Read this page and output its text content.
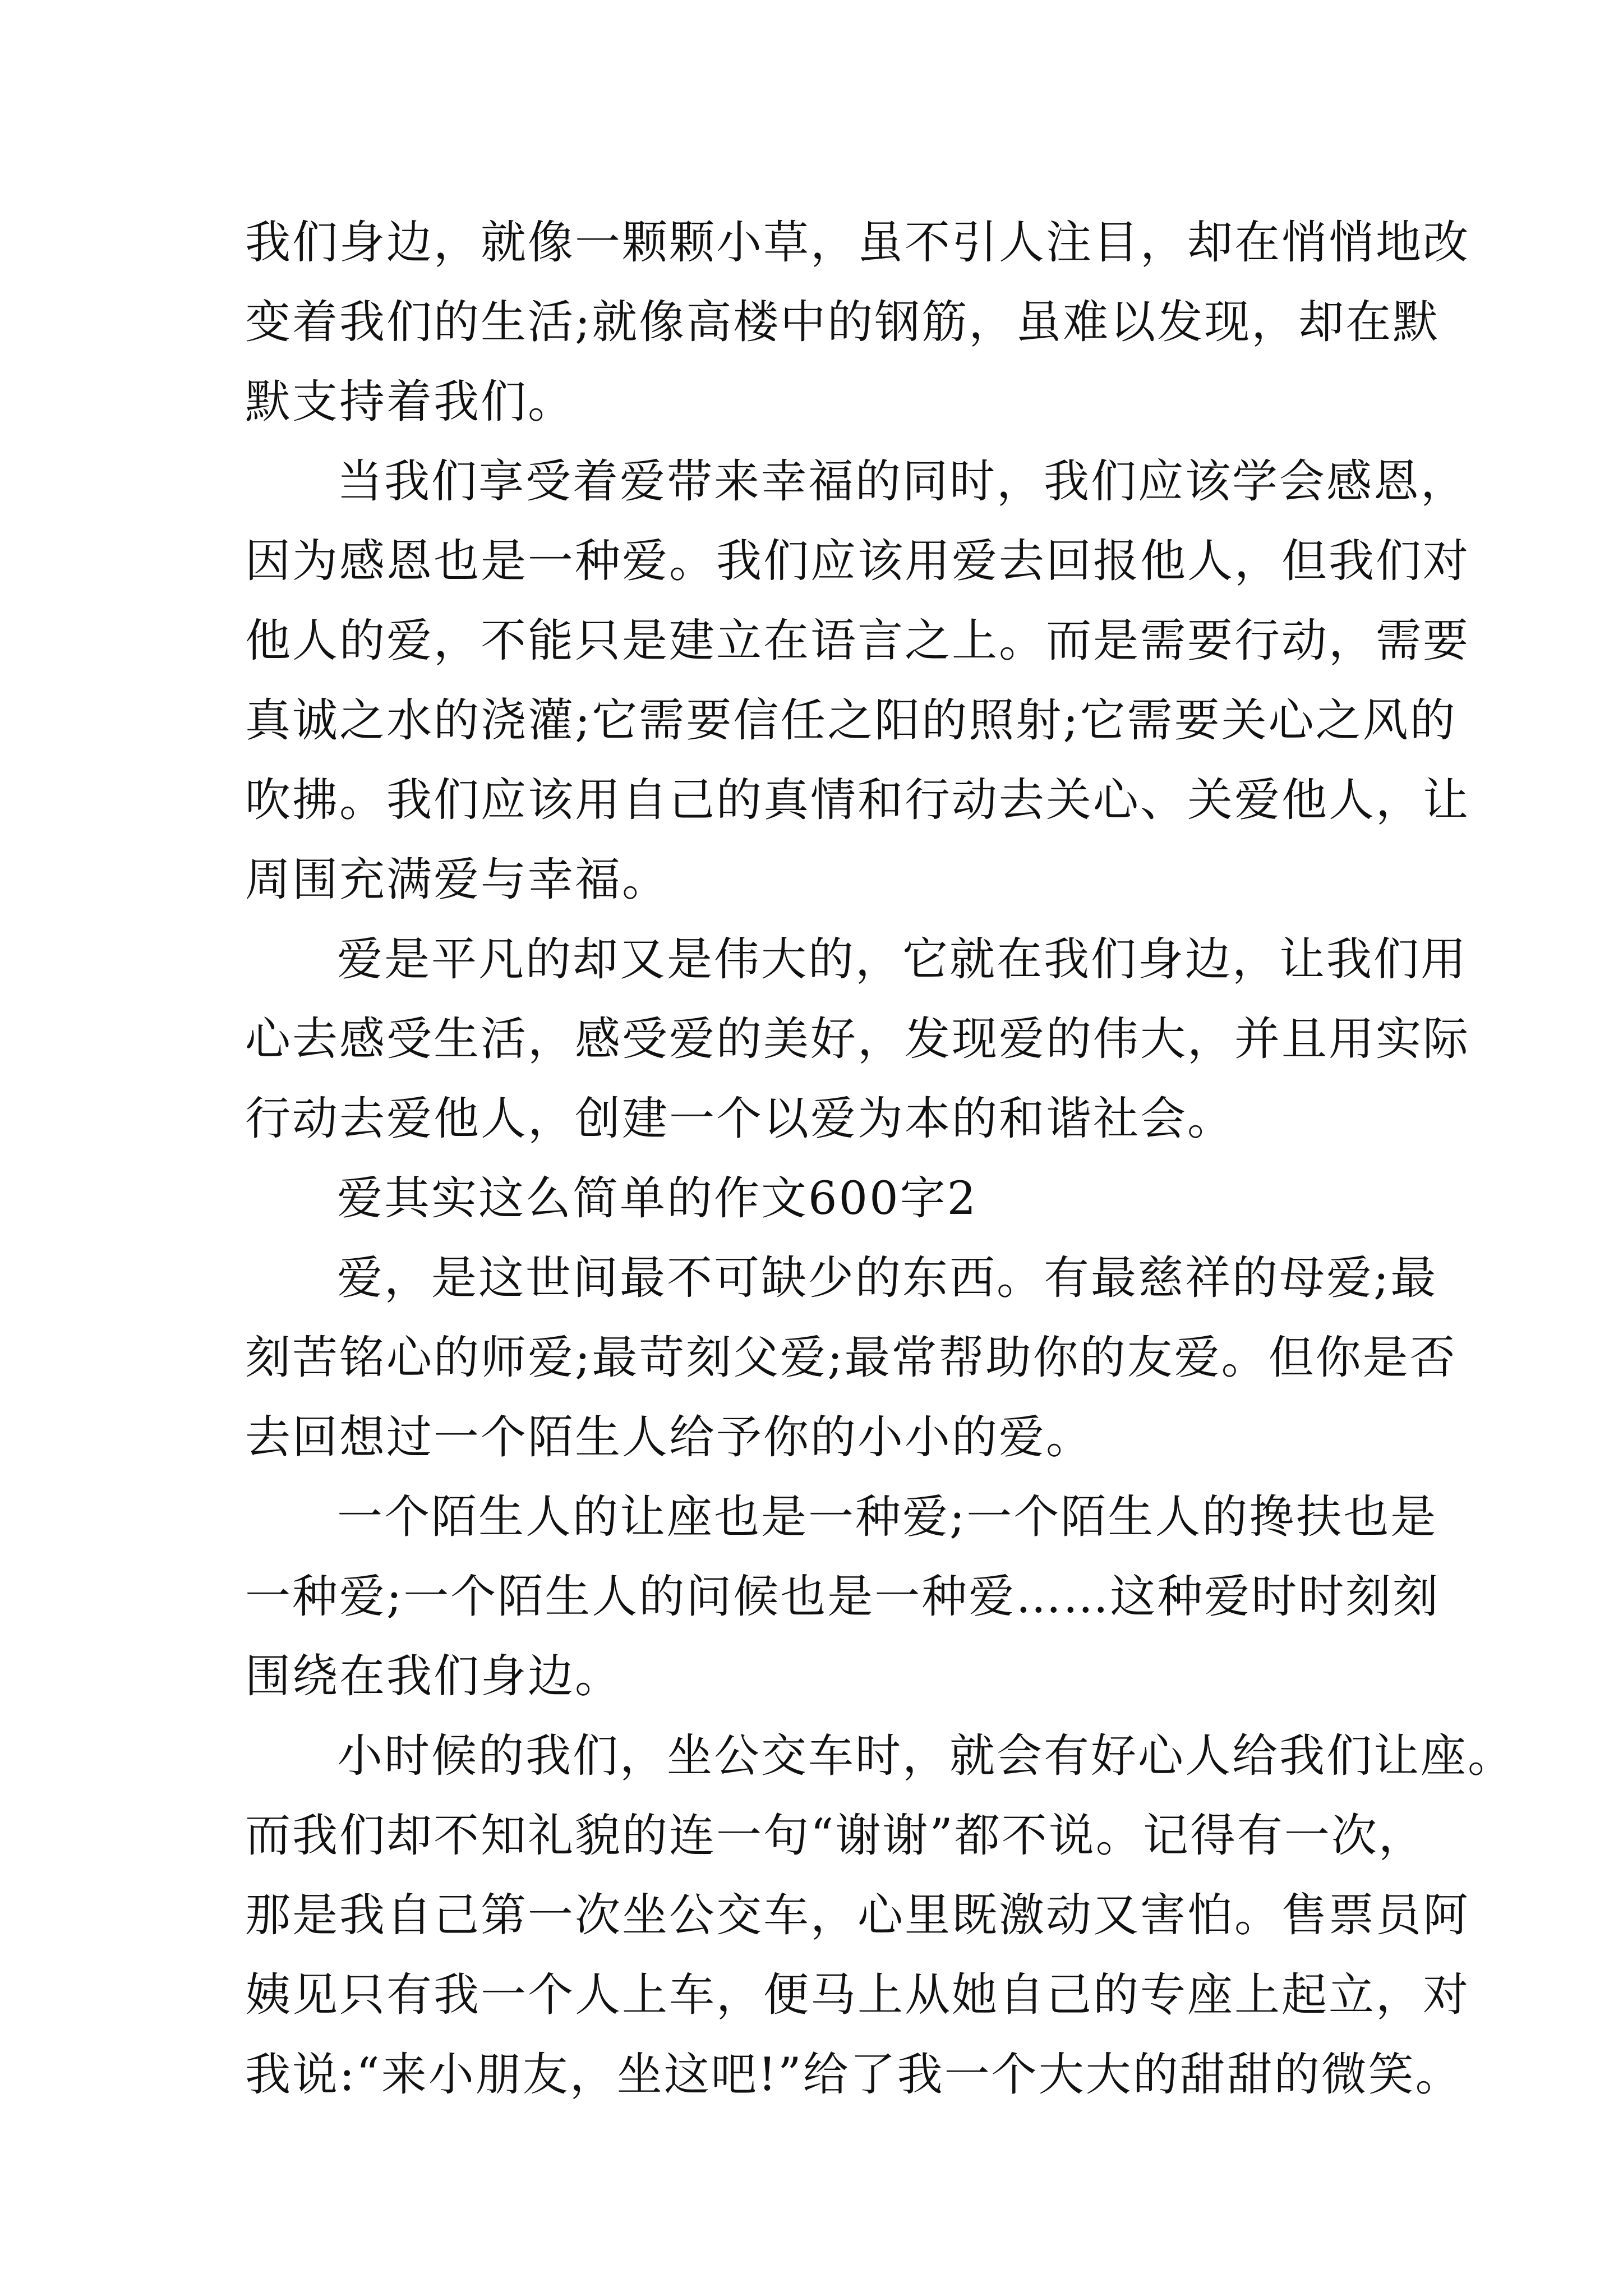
我们身边，就像一颗颗小草，虽不引人注目，却在悄悄地改
变着我们的生活;就像高楼中的钢筋，虽难以发现，却在默
默支持着我们。
当我们享受着爱带来幸福的同时，我们应该学会感恩，
因为感恩也是一种爱。我们应该用爱去回报他人，但我们对
他人的爱，不能只是建立在语言之上。而是需要行动，需要
真诚之水的浇灌;它需要信任之阳的照射;它需要关心之风的
吹拂。我们应该用自己的真情和行动去关心、关爱他人，让
周围充满爱与幸福。
爱是平凡的却又是伟大的，它就在我们身边，让我们用
心去感受生活，感受爱的美好，发现爱的伟大，并且用实际
行动去爱他人，创建一个以爱为本的和谐社会。
爱其实这么简单的作文600字2
爱，是这世间最不可缺少的东西。有最慈祥的母爱;最
刻苦铭心的师爱;最苛刻父爱;最常帮助你的友爱。但你是否
去回想过一个陌生人给予你的小小的爱。
一个陌生人的让座也是一种爱;一个陌生人的搀扶也是
一种爱;一个陌生人的问候也是一种爱……这种爱时时刻刻
围绕在我们身边。
小时候的我们，坐公交车时，就会有好心人给我们让座。
而我们却不知礼貌的连一句“谢谢”都不说。记得有一次，
那是我自己第一次坐公交车，心里既激动又害怕。售票员阿
姨见只有我一个人上车，便马上从她自己的专座上起立，对
我说:“来小朋友，坐这吧!”给了我一个大大的甜甜的微笑。
